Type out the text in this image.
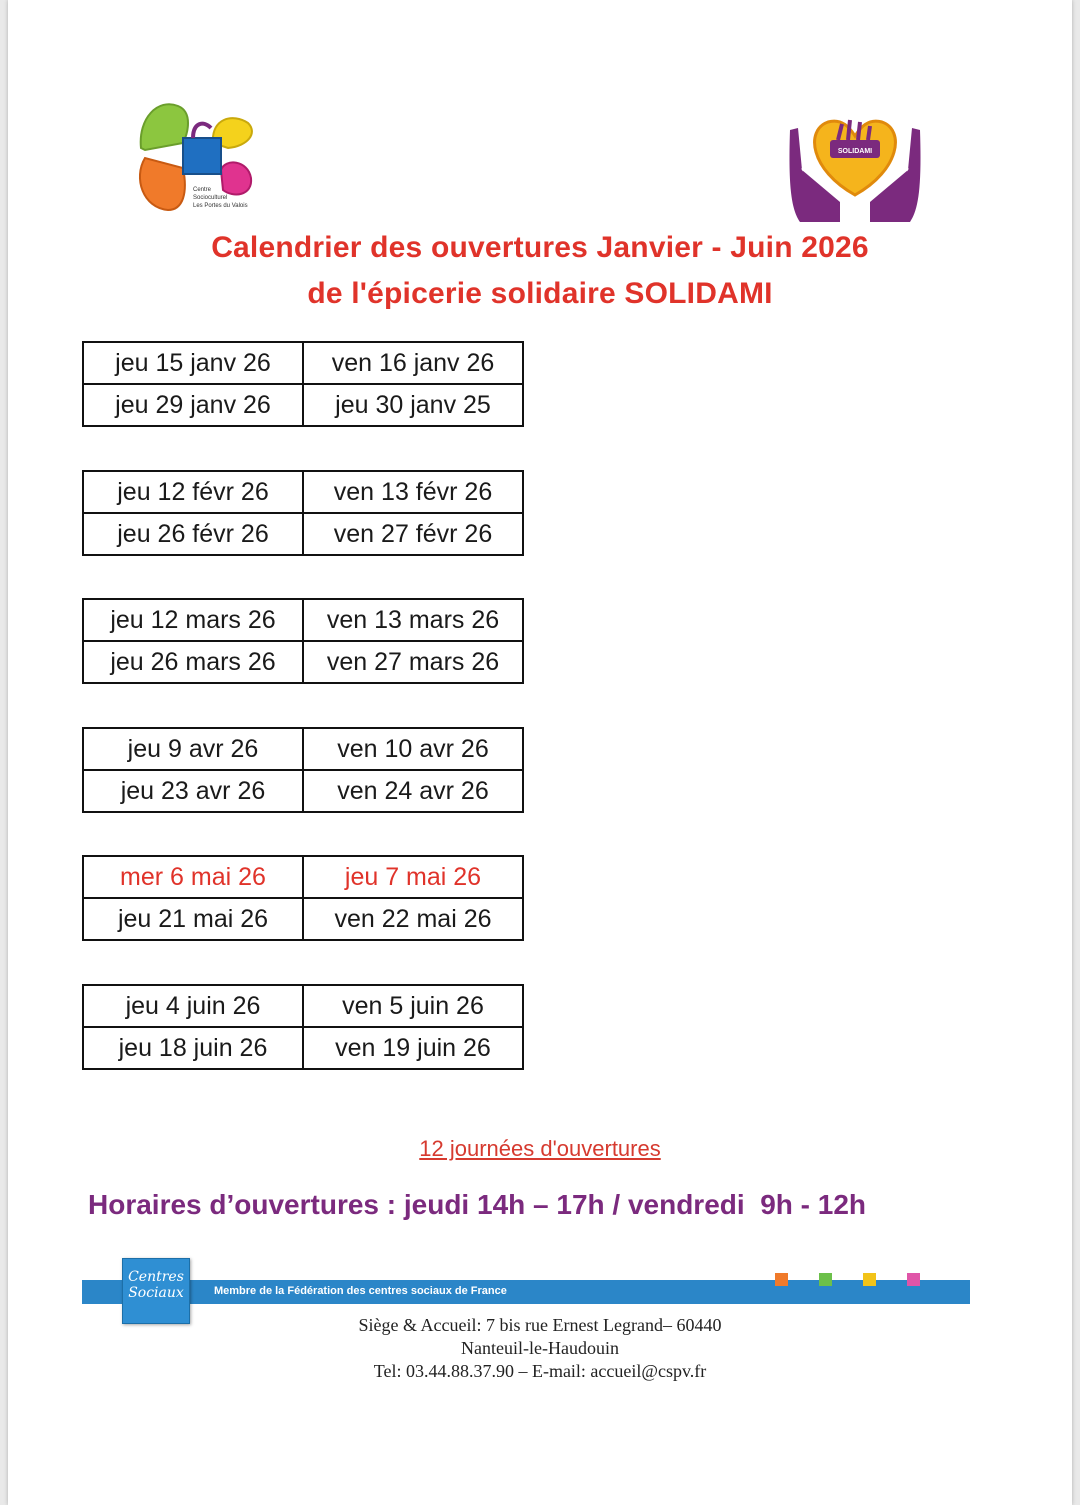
Centre
Socioculturel
Les Portes du Valois
SOLIDAMI
Calendrier des ouvertures Janvier - Juin 2026
de l'épicerie solidaire SOLIDAMI
jeu 15 janv 26	ven 16 janv 26
jeu 29 janv 26	jeu 30 janv 25
jeu 12 févr 26	ven 13 févr 26
jeu 26 févr 26	ven 27 févr 26
jeu 12 mars 26	ven 13 mars 26
jeu 26 mars 26	ven 27 mars 26
jeu 9 avr 26	ven 10 avr 26
jeu 23 avr 26	ven 24 avr 26
mer 6 mai 26	jeu 7 mai 26
jeu 21 mai 26	ven 22 mai 26
jeu 4 juin 26	ven 5 juin 26
jeu 18 juin 26	ven 19 juin 26
12 journées d'ouvertures
Horaires d’ouvertures : jeudi 14h – 17h / vendredi  9h - 12h
Membre de la Fédération des centres sociaux de France
Centres
Sociaux
Siège & Accueil: 7 bis rue Ernest Legrand– 60440
Nanteuil-le-Haudouin
Tel: 03.44.88.37.90 – E-mail: accueil@cspv.fr
